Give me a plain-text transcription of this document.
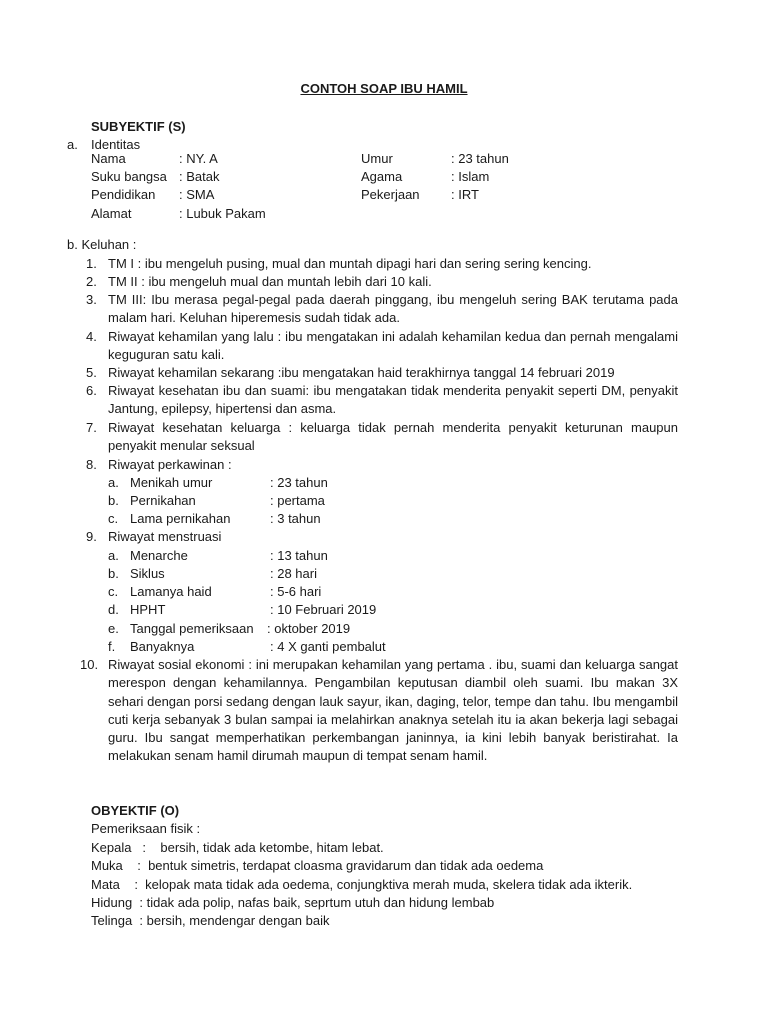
CONTOH SOAP IBU HAMIL
SUBYEKTIF (S)
a. Identitas
Nama	: NY. A	Umur	: 23 tahun
Suku bangsa : Batak	Agama	: Islam
Pendidikan : SMA	Pekerjaan : IRT
Alamat	: Lubuk Pakam
b. Keluhan :
1. TM I : ibu mengeluh pusing, mual dan muntah dipagi hari dan sering sering kencing.
2. TM II : ibu mengeluh mual dan muntah lebih dari 10 kali.
3. TM III: Ibu merasa pegal-pegal pada daerah pinggang, ibu mengeluh sering BAK terutama pada malam hari. Keluhan hiperemesis sudah tidak ada.
4. Riwayat kehamilan yang lalu : ibu mengatakan ini adalah kehamilan kedua dan pernah mengalami keguguran satu kali.
5. Riwayat kehamilan sekarang :ibu mengatakan haid terakhirnya tanggal 14 februari 2019
6. Riwayat kesehatan ibu dan suami: ibu mengatakan tidak menderita penyakit seperti DM, penyakit Jantung, epilepsy, hipertensi dan asma.
7. Riwayat kesehatan keluarga : keluarga tidak pernah menderita penyakit keturunan maupun penyakit menular seksual
8. Riwayat perkawinan :
a. Menikah umur	: 23 tahun
b. Pernikahan	: pertama
c. Lama pernikahan	: 3 tahun
9. Riwayat menstruasi
a. Menarche	: 13 tahun
b. Siklus	: 28 hari
c. Lamanya haid	: 5-6 hari
d. HPHT	: 10 Februari 2019
e. Tanggal pemeriksaan : oktober 2019
f. Banyaknya	: 4 X ganti pembalut
10. Riwayat sosial ekonomi : ini merupakan kehamilan yang pertama . ibu, suami dan keluarga sangat merespon dengan kehamilannya. Pengambilan keputusan diambil oleh suami. Ibu makan 3X sehari dengan porsi sedang dengan lauk sayur, ikan, daging, telor, tempe dan tahu. Ibu mengambil cuti kerja sebanyak 3 bulan sampai ia melahirkan anaknya setelah itu ia akan bekerja lagi sebagai guru. Ibu sangat memperhatikan perkembangan janinnya, ia kini lebih banyak beristirahat. Ia melakukan senam hamil dirumah maupun di tempat senam hamil.
OBYEKTIF (O)
Pemeriksaan fisik :
Kepala   :    bersih, tidak ada ketombe, hitam lebat.
Muka    :  bentuk simetris, terdapat cloasma gravidarum dan tidak ada oedema
Mata    :  kelopak mata tidak ada oedema, conjungktiva merah muda, skelera tidak ada ikterik.
Hidung  : tidak ada polip, nafas baik, seprtum utuh dan hidung lembab
Telinga  : bersih, mendengar dengan baik
